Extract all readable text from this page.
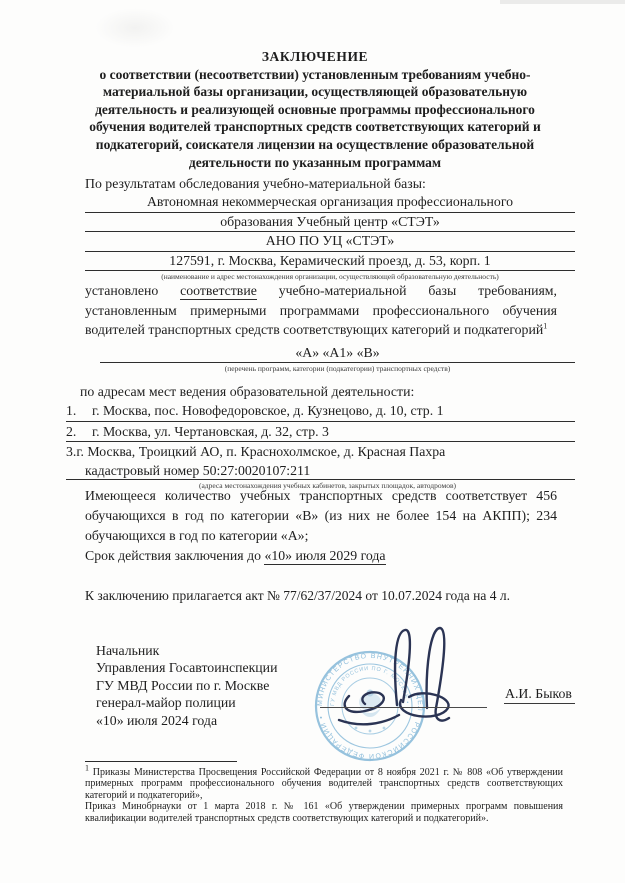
ЗАКЛЮЧЕНИЕ
о соответствии (несоответствии) установленным требованиям учебно-
материальной базы организации, осуществляющей образовательную
деятельность и реализующей основные программы профессионального
обучения водителей транспортных средств соответствующих категорий и
подкатегорий, соискателя лицензии на осуществление образовательной
деятельности по указанным программам
По результатам обследования учебно-материальной базы:
Автономная некоммерческая организация профессионального
образования Учебный центр «СТЭТ»
АНО ПО УЦ «СТЭТ»
127591, г. Москва, Керамический проезд, д. 53, корп. 1
(наименование и адрес местонахождения организации, осуществляющей образовательную деятельность)

установлено соответствие учебно-материальной базы требованиям, установленным примерными программами профессионального обучения водителей транспортных средств соответствующих категорий и подкатегорий$^1$

«А» «А1» «В»
(перечень программ, категории (подкатегории) транспортных средств)
по адресам мест ведения образовательной деятельности:
1. г. Москва, пос. Новофедоровское, д. Кузнецово, д. 10, стр. 1
2. г. Москва, ул. Чертановская, д. 32, стр. 3
3.г. Москва, Троицкий АО, п. Краснохолмское, д. Красная Пахра
кадастровый номер 50:27:0020107:211
(адреса местонахождения учебных кабинетов, закрытых площадок, автодромов)

Имеющееся количество учебных транспортных средств соответствует 456 обучающихся в год по категории «В» (из них не более 154 на АКПП); 234 обучающихся в год по категории «А»;

Срок действия заключения до «10» июля 2029 года
К заключению прилагается акт № 77/62/37/2024 от 10.07.2024 года на 4 л.
Начальник
Управления Госавтоинспекции
ГУ МВД России по г. Москве
генерал-майор полиции
«10» июля 2024 года
МИНИСТЕРСТВО ВНУТРЕННИХ ДЕЛ • РОССИЙСКОЙ ФЕДЕРАЦИИ •
ГУ МВД РОССИИ ПО Г. МОСКВЕ •
А.И. Быков

$^1$ Приказы Министерства Просвещения Российской Федерации от 8 ноября 2021 г. № 808 «Об утверждении примерных программ профессионального обучения водителей транспортных средств соответствующих категорий и подкатегорий»,

Приказ Минобрнауки от 1 марта 2018 г. № 161 «Об утверждении примерных программ повышения квалификации водителей транспортных средств соответствующих категорий и подкатегорий».
